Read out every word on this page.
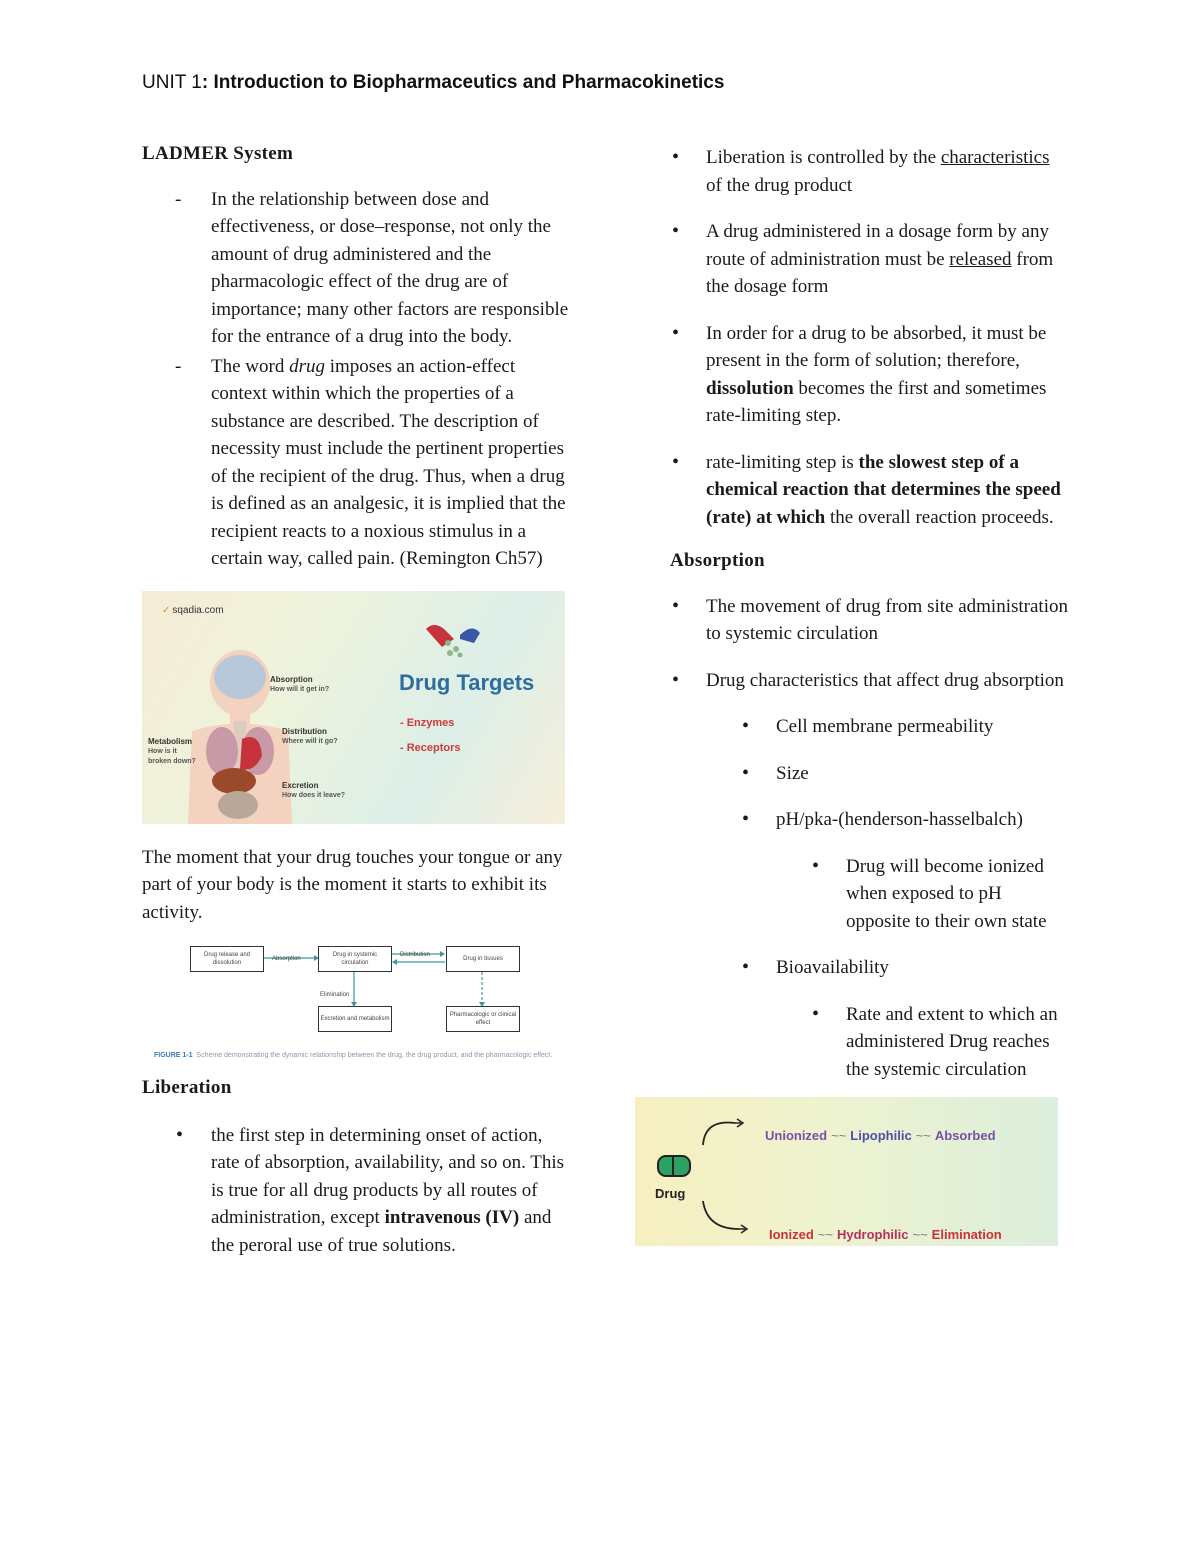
UNIT 1: Introduction to Biopharmaceutics and Pharmacokinetics
LADMER System
- In the relationship between dose and effectiveness, or dose–response, not only the amount of drug administered and the pharmacologic effect of the drug are of importance; many other factors are responsible for the entrance of a drug into the body.
- The word drug imposes an action-effect context within which the properties of a substance are described. The description of necessity must include the pertinent properties of the recipient of the drug. Thus, when a drug is defined as an analgesic, it is implied that the recipient reacts to a noxious stimulus in a certain way, called pain. (Remington Ch57)
✓ sqadia.com
Absorption
How will it get in?
Distribution
Where will it go?
Metabolism
How is it broken down?
Excretion
How does it leave?
Drug Targets
- Enzymes
- Receptors

The moment that your drug touches your tongue or any part of your body is the moment it starts to exhibit its activity.

Drug release and dissolution
Drug in systemic circulation
Drug in tissues
Excretion and metabolism
Pharmacologic or clinical effect
Absorption
Distribution
Elimination
FIGURE 1-1 Scheme demonstrating the dynamic relationship between the drug, the drug product, and the pharmacologic effect.
Liberation
• the first step in determining onset of action, rate of absorption, availability, and so on. This is true for all drug products by all routes of administration, except intravenous (IV) and the peroral use of true solutions.
• Liberation is controlled by the characteristics of the drug product
• A drug administered in a dosage form by any route of administration must be released from the dosage form
• In order for a drug to be absorbed, it must be present in the form of solution; therefore, dissolution becomes the first and sometimes rate-limiting step.
• rate-limiting step is the slowest step of a chemical reaction that determines the speed (rate) at which the overall reaction proceeds.
Absorption
• The movement of drug from site administration to systemic circulation
• Drug characteristics that affect drug absorption
• Cell membrane permeability
• Size
• pH/pka-(henderson-hasselbalch)
• Drug will become ionized when exposed to pH opposite to their own state
• Bioavailability
• Rate and extent to which an administered Drug reaches the systemic circulation
Drug
Unionized ~~ Lipophilic ~~ Absorbed
Ionized ~~ Hydrophilic ~~ Elimination
